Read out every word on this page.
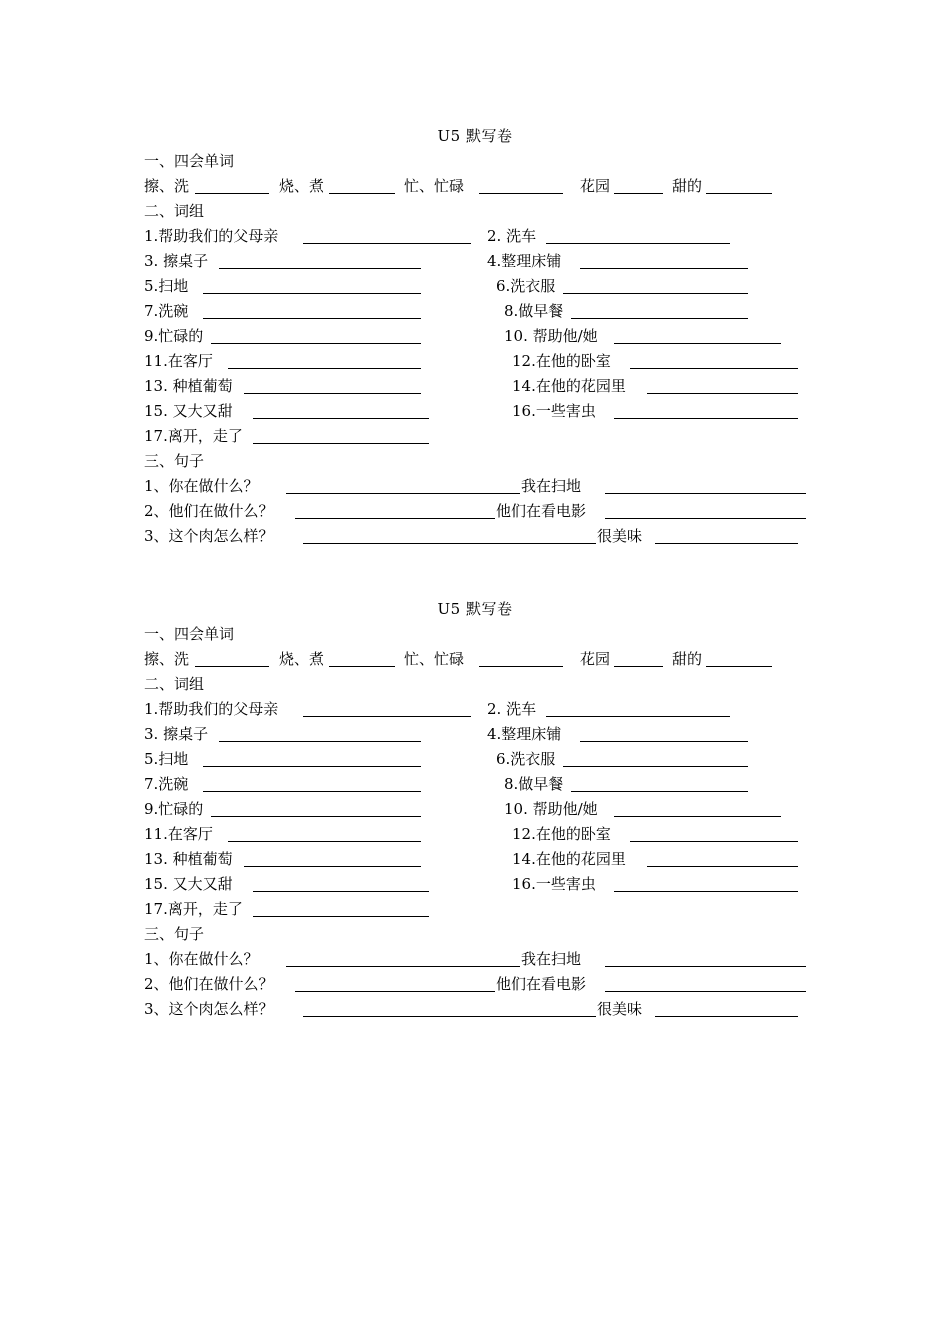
U5 默写卷
一、四会单词
擦、洗	烧、煮	忙、忙碌	花园	甜的
二、词组
1.帮助我们的父母亲	2. 洗车
3. 擦桌子	4.整理床铺
5.扫地	6.洗衣服
7.洗碗	8.做早餐
9.忙碌的	10. 帮助他/她
11.在客厅	12.在他的卧室
13. 种植葡萄	14.在他的花园里
15. 又大又甜	16.一些害虫
17.离开，走了
三、句子
1、你在做什么？	我在扫地
2、他们在做什么？	他们在看电影
3、这个肉怎么样？	很美味
U5 默写卷
一、四会单词
擦、洗	烧、煮	忙、忙碌	花园	甜的
二、词组
1.帮助我们的父母亲	2. 洗车
3. 擦桌子	4.整理床铺
5.扫地	6.洗衣服
7.洗碗	8.做早餐
9.忙碌的	10. 帮助他/她
11.在客厅	12.在他的卧室
13. 种植葡萄	14.在他的花园里
15. 又大又甜	16.一些害虫
17.离开，走了
三、句子
1、你在做什么？	我在扫地
2、他们在做什么？	他们在看电影
3、这个肉怎么样？	很美味
